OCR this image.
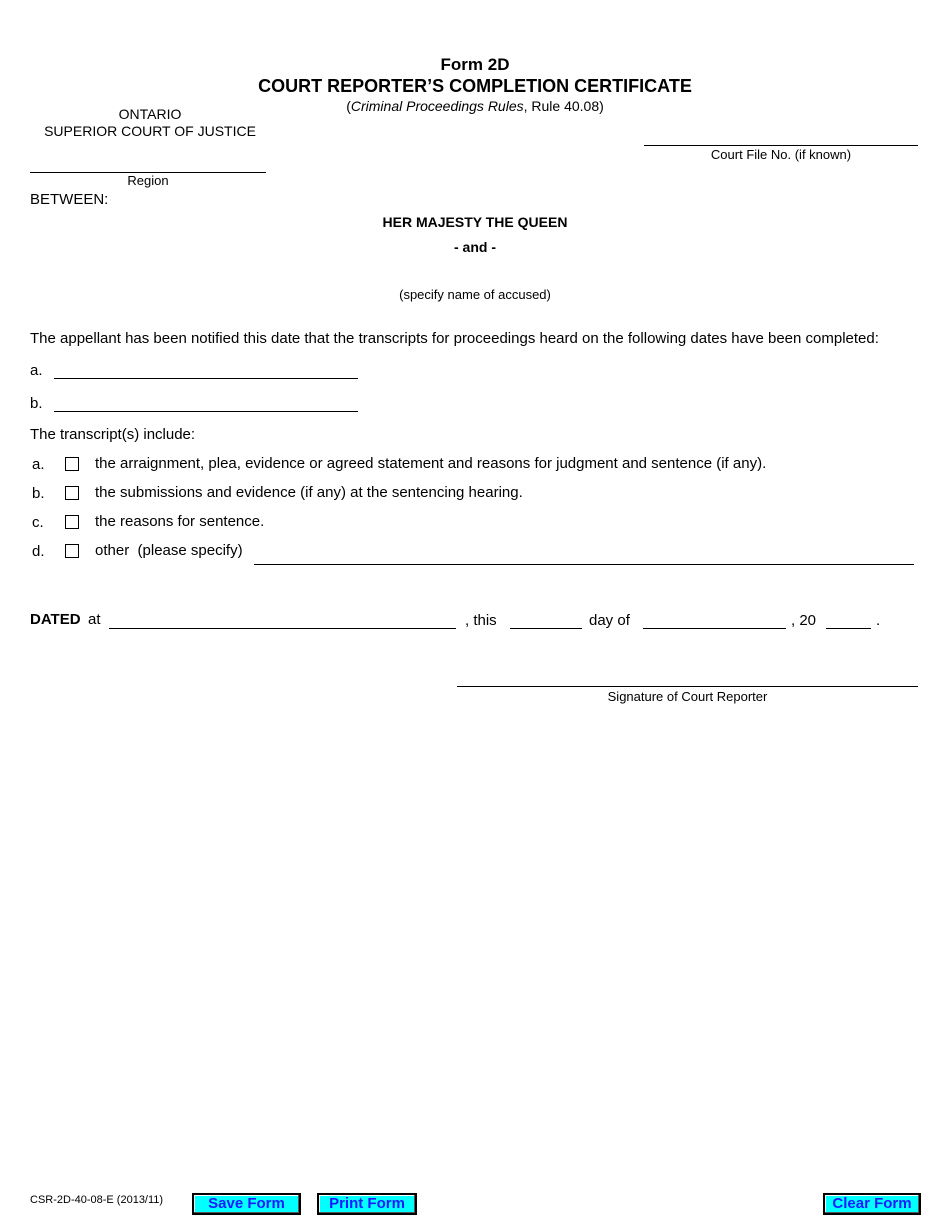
Form 2D
COURT REPORTER’S COMPLETION CERTIFICATE
(Criminal Proceedings Rules, Rule 40.08)
ONTARIO
SUPERIOR COURT OF JUSTICE
Court File No. (if known)
Region
BETWEEN:
HER MAJESTY THE QUEEN
- and -
(specify name of accused)
The appellant has been notified this date that the transcripts for proceedings heard on the following dates have been completed:
a.
b.
The transcript(s) include:
a.	the arraignment, plea, evidence or agreed statement and reasons for judgment and sentence (if any).
b.	the submissions and evidence (if any) at the sentencing hearing.
c.	the reasons for sentence.
d.	other  (please specify)
DATED at	, this	day of	, 20	.
Signature of Court Reporter
CSR-2D-40-08-E (2013/11)	Save Form	Print Form	Clear Form
